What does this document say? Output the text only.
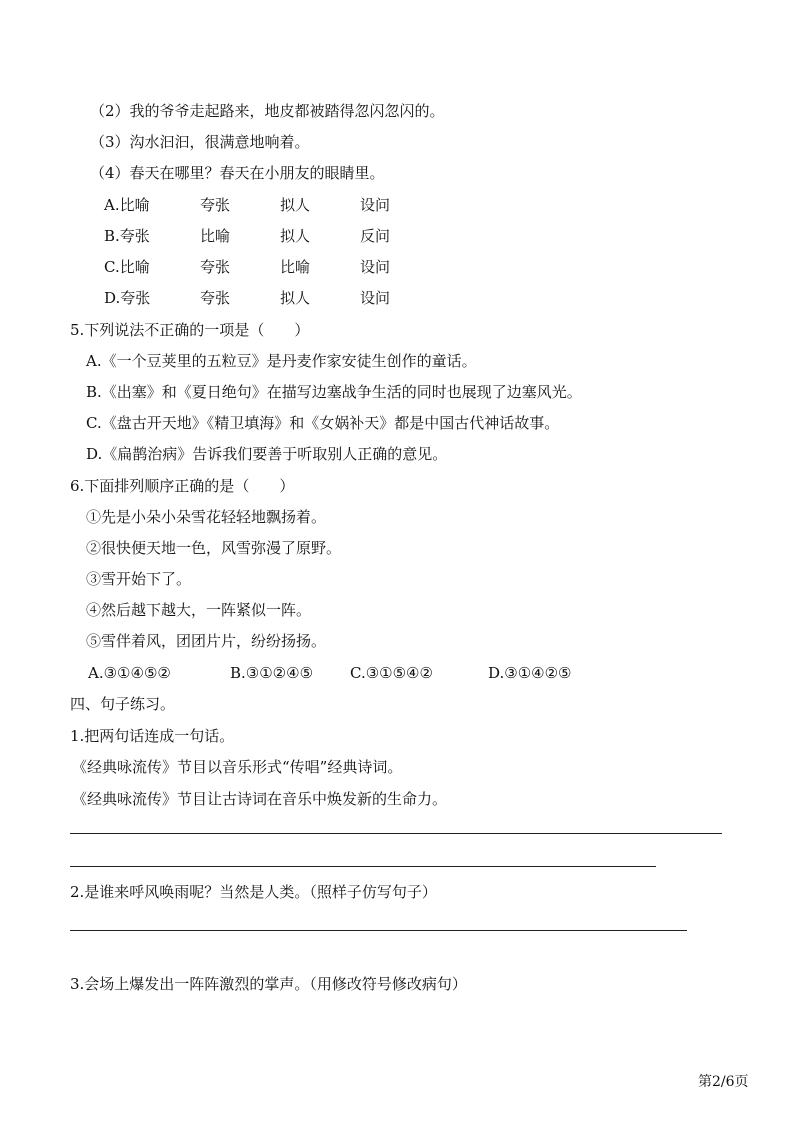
（2）我的爷爷走起路来，地皮都被踏得忽闪忽闪的。
（3）沟水汩汩，很满意地响着。
（4）春天在哪里？春天在小朋友的眼睛里。
A.比喻	夸张	拟人	设问
B.夸张	比喻	拟人	反问
C.比喻	夸张	比喻	设问
D.夸张	夸张	拟人	设问
5.下列说法不正确的一项是（　　）
A.《一个豆荚里的五粒豆》是丹麦作家安徒生创作的童话。
B.《出塞》和《夏日绝句》在描写边塞战争生活的同时也展现了边塞风光。
C.《盘古开天地》《精卫填海》和《女娲补天》都是中国古代神话故事。
D.《扁鹊治病》告诉我们要善于听取别人正确的意见。
6.下面排列顺序正确的是（　　）
①先是小朵小朵雪花轻轻地飘扬着。
②很快便天地一色，风雪弥漫了原野。
③雪开始下了。
④然后越下越大，一阵紧似一阵。
⑤雪伴着风，团团片片，纷纷扬扬。
A.③①④⑤②	B.③①②④⑤ C.③①⑤④②	D.③①④②⑤
四、句子练习。
1.把两句话连成一句话。
《经典咏流传》节目以音乐形式“传唱”经典诗词。
《经典咏流传》节目让古诗词在音乐中焕发新的生命力。
2.是谁来呼风唤雨呢？当然是人类。（照样子仿写句子）
3.会场上爆发出一阵阵激烈的掌声。（用修改符号修改病句）
第2/6页
